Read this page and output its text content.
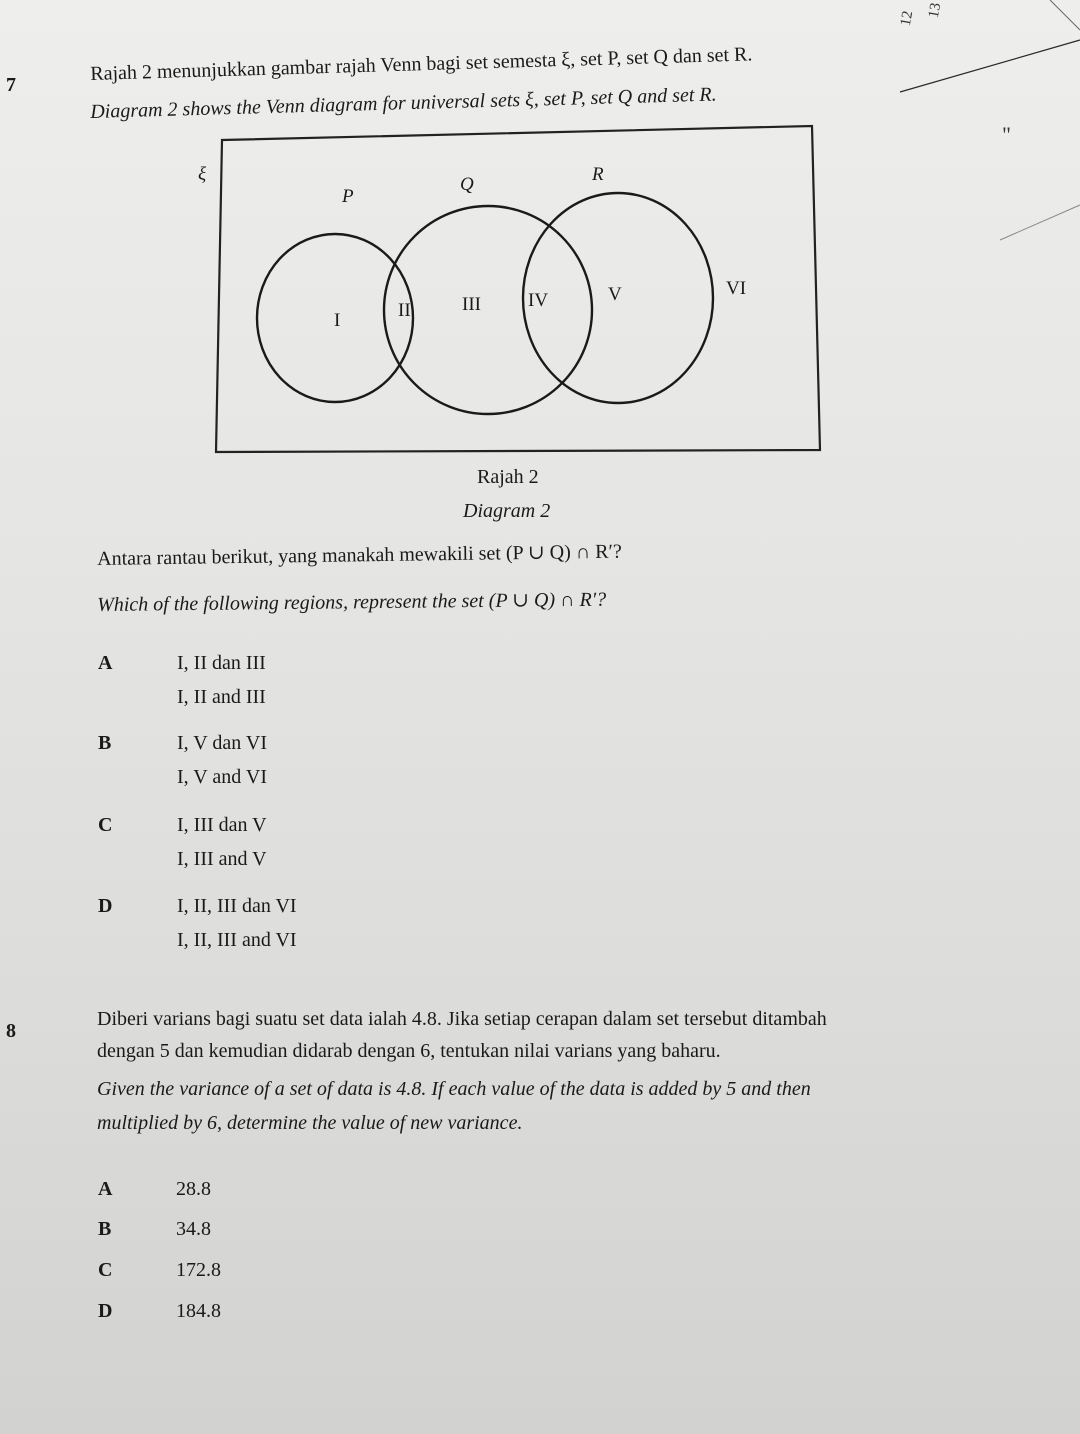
12 13
"
7
Rajah 2 menunjukkan gambar rajah Venn bagi set semesta ξ, set P, set Q dan set R.
Diagram 2 shows the Venn diagram for universal sets ξ, set P, set Q and set R.
ξ
P
Q	R
I	II	III IV	V	VI
Rajah 2
Diagram 2
Antara rantau berikut, yang manakah mewakili set (P ∪ Q) ∩ R′?
Which of the following regions, represent the set (P ∪ Q) ∩ R′?
A	I, II dan III
I, II and III
B	I, V dan VI
I, V and VI
C	I, III dan V
I, III and V
D	I, II, III dan VI
I, II, III and VI
8
Diberi varians bagi suatu set data ialah 4.8. Jika setiap cerapan dalam set tersebut ditambah
dengan 5 dan kemudian didarab dengan 6, tentukan nilai varians yang baharu.
Given the variance of a set of data is 4.8. If each value of the data is added by 5 and then
multiplied by 6, determine the value of new variance.
A	28.8
B	34.8
C	172.8
D	184.8
